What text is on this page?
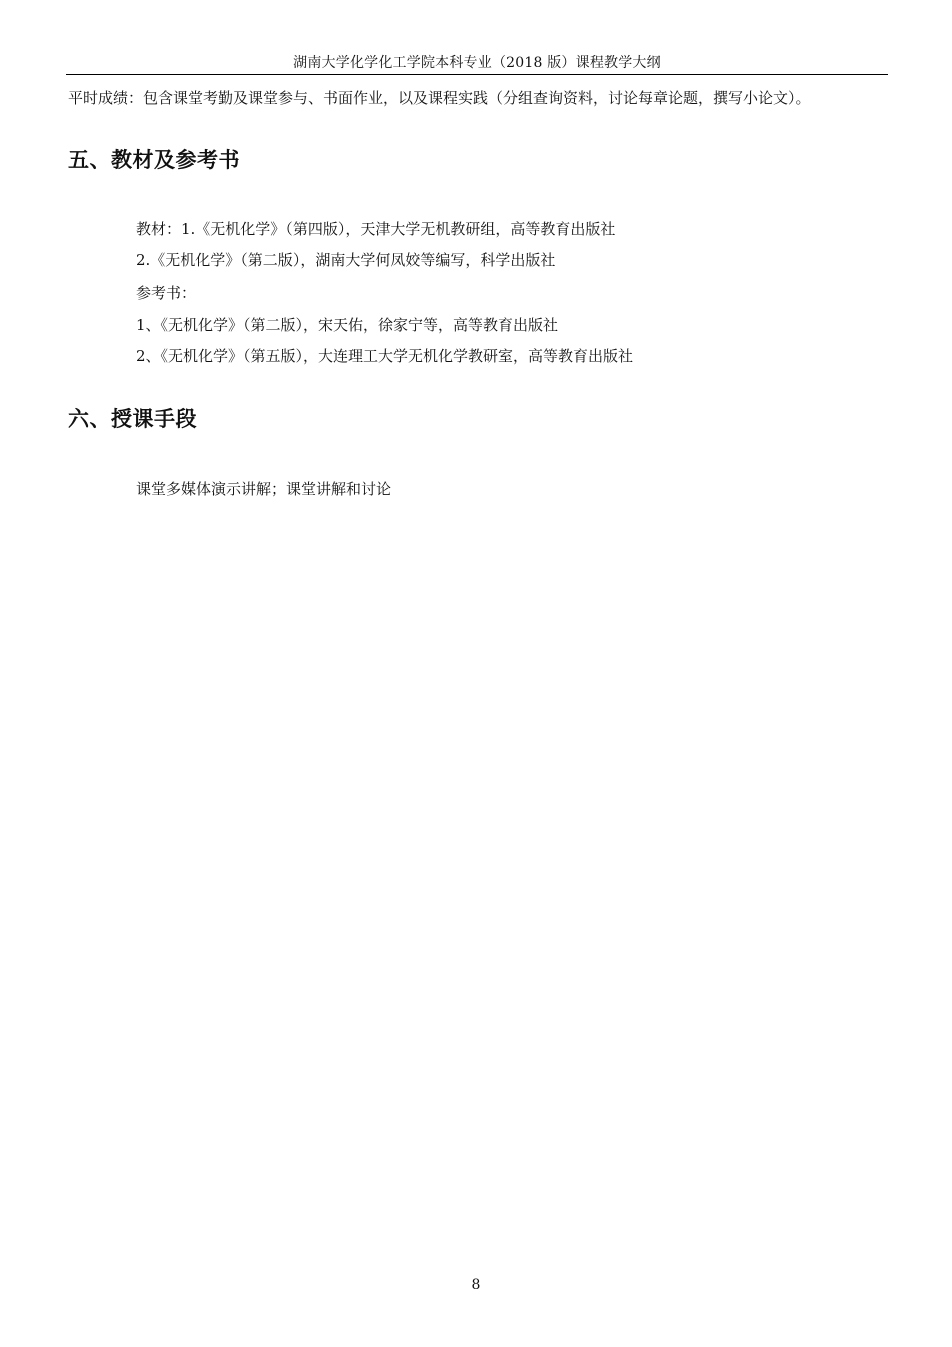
湖南大学化学化工学院本科专业（2018 版）课程教学大纲
平时成绩：包含课堂考勤及课堂参与、书面作业，以及课程实践（分组查询资料，讨论每章论题，撰写小论文）。
五、教材及参考书
教材：1.《无机化学》（第四版），天津大学无机教研组，高等教育出版社
2.《无机化学》（第二版），湖南大学何凤姣等编写，科学出版社
参考书：
1、《无机化学》（第二版），宋天佑，徐家宁等，高等教育出版社
2、《无机化学》（第五版），大连理工大学无机化学教研室，高等教育出版社
六、授课手段
课堂多媒体演示讲解；课堂讲解和讨论
8
